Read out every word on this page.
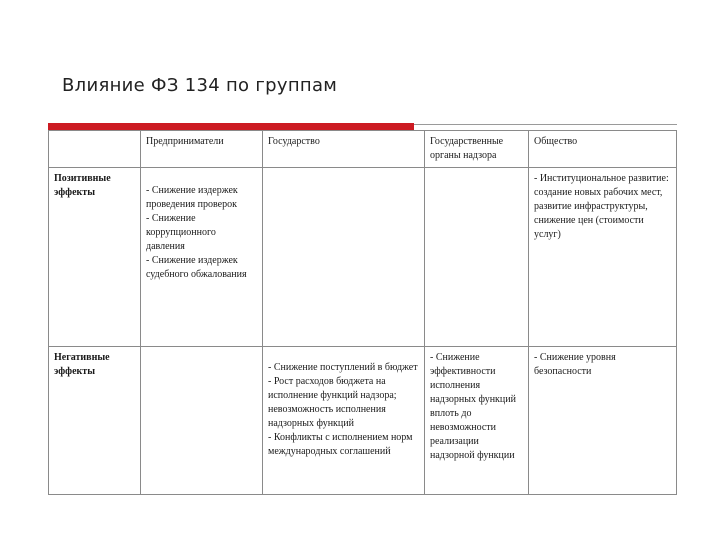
Влияние ФЗ 134 по группам
	Предприниматели	Государство	Государственные органы надзора	Общество
Позитивные эффекты	- Снижение издержек проведения проверок
- Снижение коррупционного давления
- Снижение издержек судебного обжалования			- Институциональное развитие: создание новых рабочих мест, развитие инфраструктуры, снижение цен (стоимости услуг)

Негативные эффекты		- Снижение поступлений в бюджет
- Рост расходов бюджета на исполнение функций надзора; невозможность исполнения надзорных функций
- Конфликты с исполнением норм международных соглашений	- Снижение эффективности исполнения надзорных функций вплоть до невозможности реализации надзорной функции	- Снижение уровня безопасности
